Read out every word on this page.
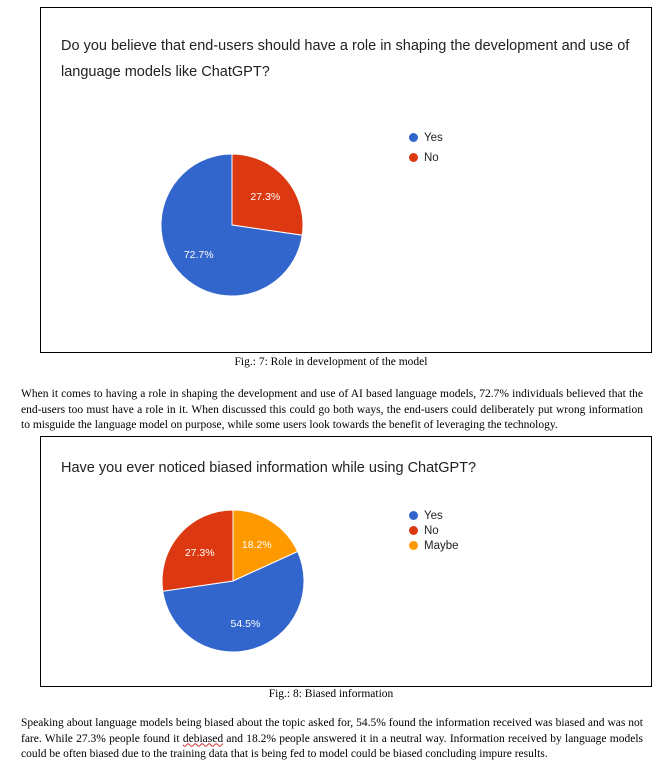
Do you believe that end-users should have a role in shaping the development and use of language models like ChatGPT?

27.3%
72.7%
Yes
No
Fig.: 7: Role in development of the model

When it comes to having a role in shaping the development and use of AI based language models, 72.7% individuals believed that the end-users too must have a role in it. When discussed this could go both ways, the end-users could deliberately put wrong information to misguide the language model on purpose, while some users look towards the benefit of leveraging the technology.

Have you ever noticed biased information while using ChatGPT?

18.2%
54.5%
27.3%
Yes
No
Maybe
Fig.: 8: Biased information

Speaking about language models being biased about the topic asked for, 54.5% found the information received was biased and was not fare. While 27.3% people found it debiased and 18.2% people answered it in a neutral way. Information received by language models could be often biased due to the training data that is being fed to model could be biased concluding impure results.
